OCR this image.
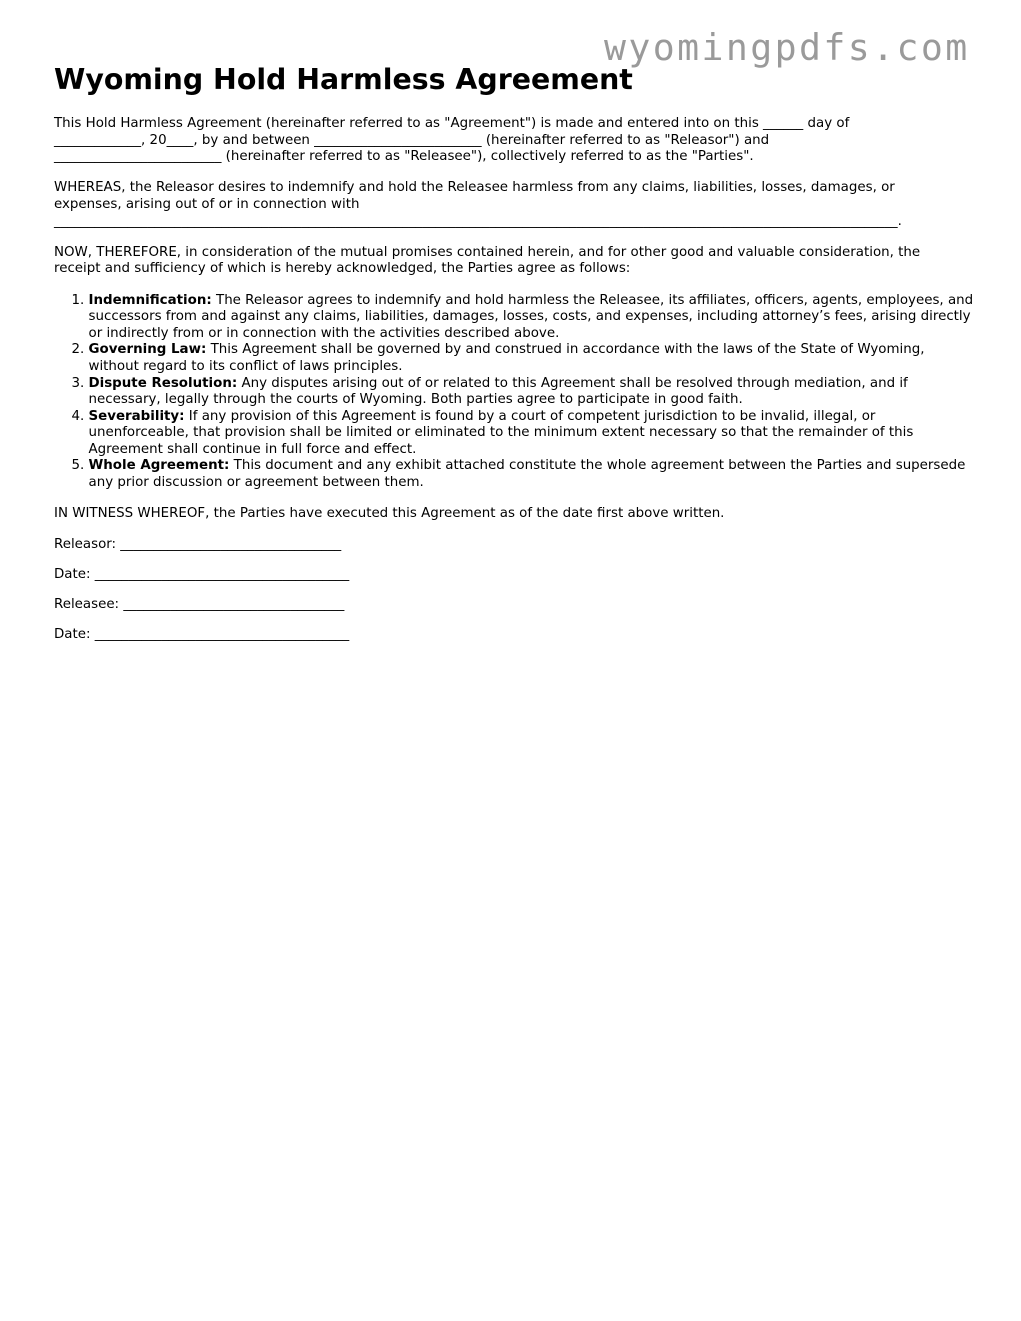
wyomingpdfs.com
Wyoming Hold Harmless Agreement

This Hold Harmless Agreement (hereinafter referred to as "Agreement") is made and entered into on this ______ day of
_____________, 20____, by and between _________________________ (hereinafter referred to as "Releasor") and
_________________________ (hereinafter referred to as "Releasee"), collectively referred to as the "Parties".

WHEREAS, the Releasor desires to indemnify and hold the Releasee harmless from any claims, liabilities, losses, damages, or
expenses, arising out of or in connection with

______________________________________________________________________________________________________________________________.

NOW, THEREFORE, in consideration of the mutual promises contained herein, and for other good and valuable consideration, the
receipt and sufficiency of which is hereby acknowledged, the Parties agree as follows:

1. Indemnification: The Releasor agrees to indemnify and hold harmless the Releasee, its affiliates, officers, agents, employees, and successors from and against any claims, liabilities, damages, losses, costs, and expenses, including attorney’s fees, arising directly or indirectly from or in connection with the activities described above.
2. Governing Law: This Agreement shall be governed by and construed in accordance with the laws of the State of Wyoming, without regard to its conflict of laws principles.
3. Dispute Resolution: Any disputes arising out of or related to this Agreement shall be resolved through mediation, and if necessary, legally through the courts of Wyoming. Both parties agree to participate in good faith.
4. Severability: If any provision of this Agreement is found by a court of competent jurisdiction to be invalid, illegal, or unenforceable, that provision shall be limited or eliminated to the minimum extent necessary so that the remainder of this Agreement shall continue in full force and effect.
5. Whole Agreement: This document and any exhibit attached constitute the whole agreement between the Parties and supersede any prior discussion or agreement between them.

IN WITNESS WHEREOF, the Parties have executed this Agreement as of the date first above written.

Releasor: _________________________________

Date: ______________________________________

Releasee: _________________________________

Date: ______________________________________
